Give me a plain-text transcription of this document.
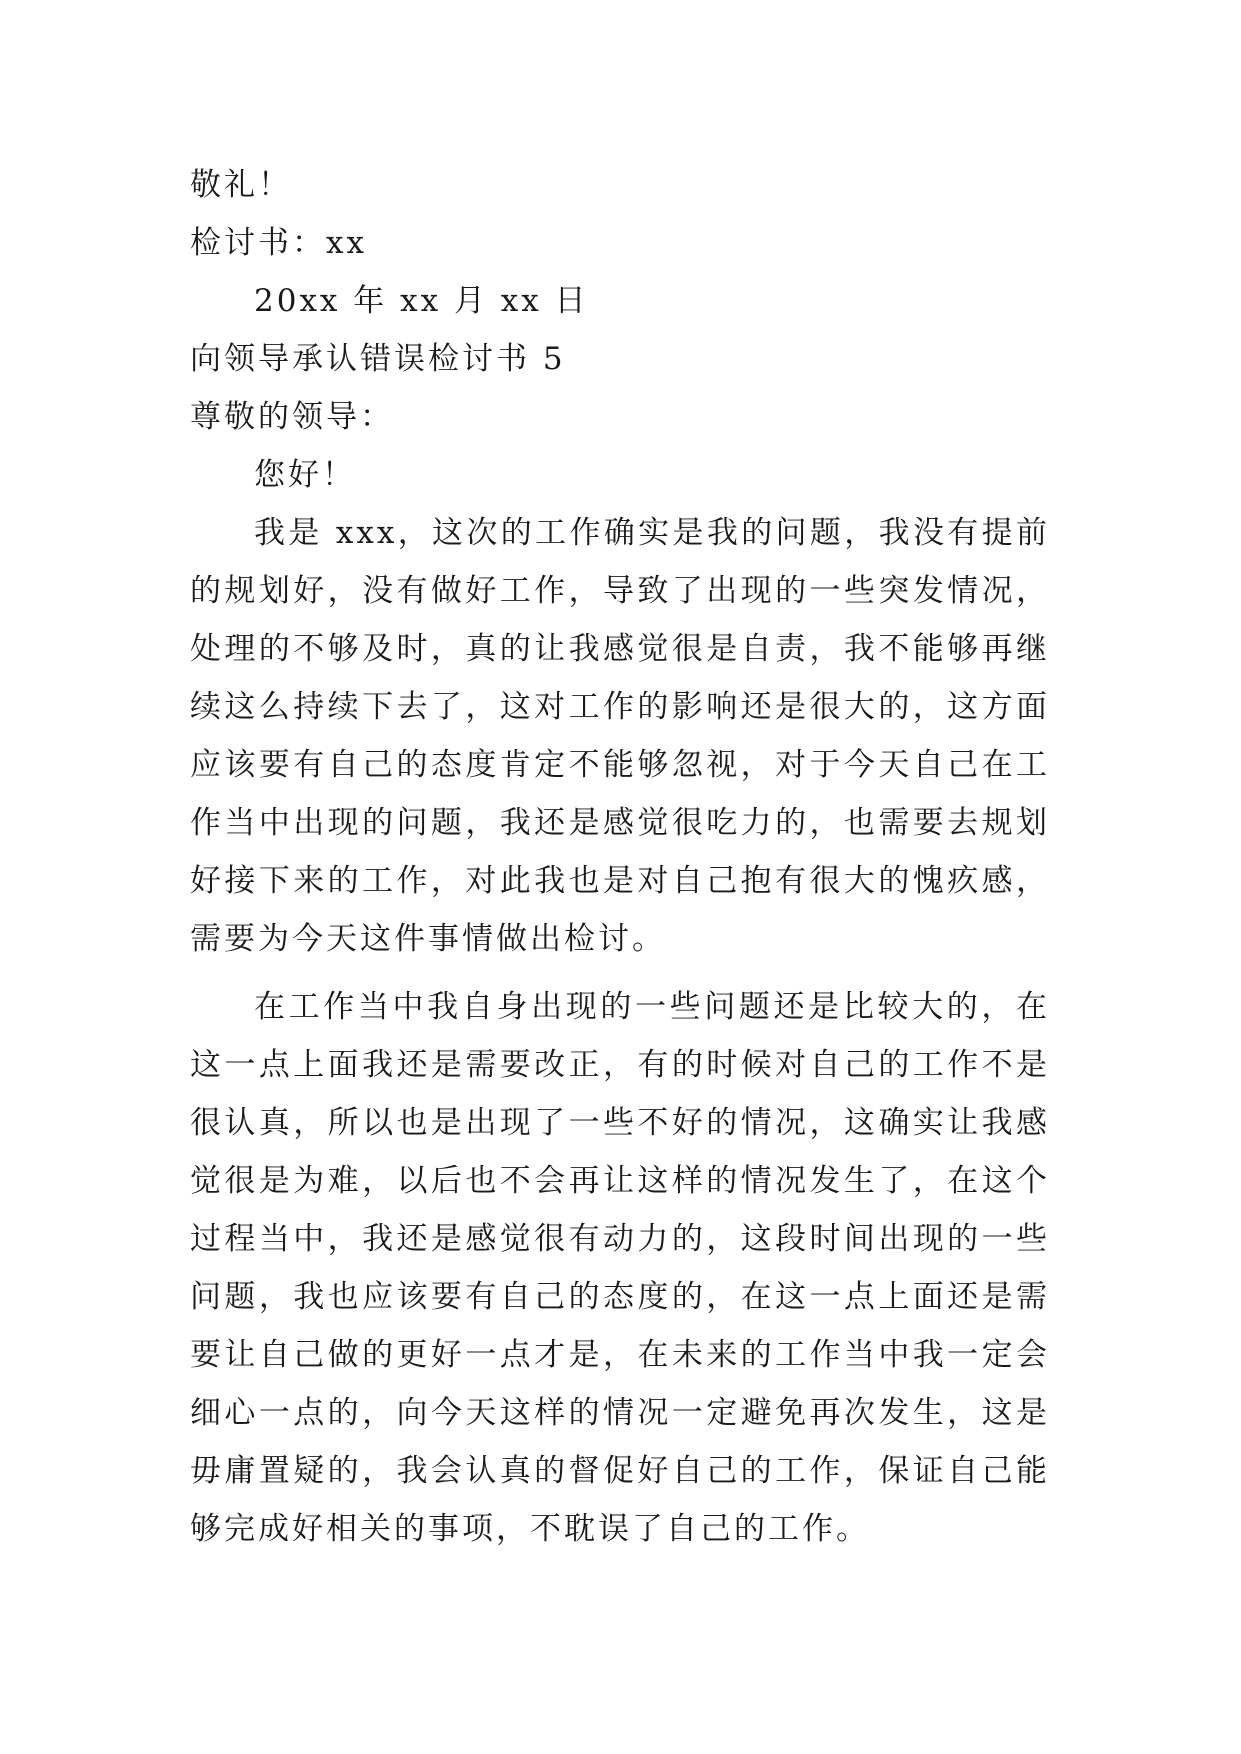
敬礼！
检讨书：xx
20xx 年 xx 月 xx 日
向领导承认错误检讨书 5
尊敬的领导：
您好！

我是 xxx，这次的工作确实是我的问题，我没有提前的规划好，没有做好工作，导致了出现的一些突发情况，处理的不够及时，真的让我感觉很是自责，我不能够再继续这么持续下去了，这对工作的影响还是很大的，这方面应该要有自己的态度肯定不能够忽视，对于今天自己在工作当中出现的问题，我还是感觉很吃力的，也需要去规划好接下来的工作，对此我也是对自己抱有很大的愧疚感，需要为今天这件事情做出检讨。

在工作当中我自身出现的一些问题还是比较大的，在这一点上面我还是需要改正，有的时候对自己的工作不是很认真，所以也是出现了一些不好的情况，这确实让我感觉很是为难，以后也不会再让这样的情况发生了，在这个过程当中，我还是感觉很有动力的，这段时间出现的一些问题，我也应该要有自己的态度的，在这一点上面还是需要让自己做的更好一点才是，在未来的工作当中我一定会细心一点的，向今天这样的情况一定避免再次发生，这是毋庸置疑的，我会认真的督促好自己的工作，保证自己能够完成好相关的事项，不耽误了自己的工作。
